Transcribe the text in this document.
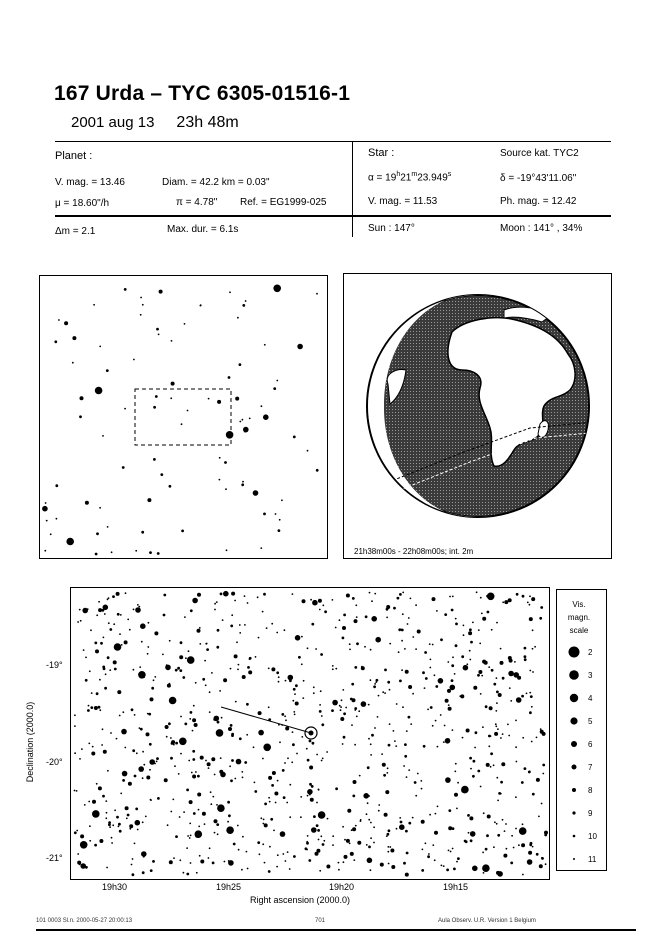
167 Urda – TYC 6305-01516-1
2001 aug 13 23h 48m
Planet :
V. mag. = 13.46	Diam. = 42.2 km = 0.03"
μ = 18.60"/h	π = 4.78" Ref. = EG1999-025
Δm = 2.1	Max. dur. = 6.1s
Star :	Source kat. TYC2
$\alpha = 19^h21^m23.949^s$	δ = -19°43'11.06"
V. mag. = 11.53	Ph. mag. = 12.42
Sun : 147°	Moon : 141° , 34%
21h38m00s - 22h08m00s; int. 2m
-19°
-20°
-21°
19h30	19h25	19h20	19h15
Right ascension (2000.0)
Declination (2000.0)
Vis.
magn.
scale
2
3
4
5
6
7
8
9
10
11
101 0003 Sl.n. 2000-05-27 20:00:13	701	Aula Observ. U.R. Version 1 Belgium
